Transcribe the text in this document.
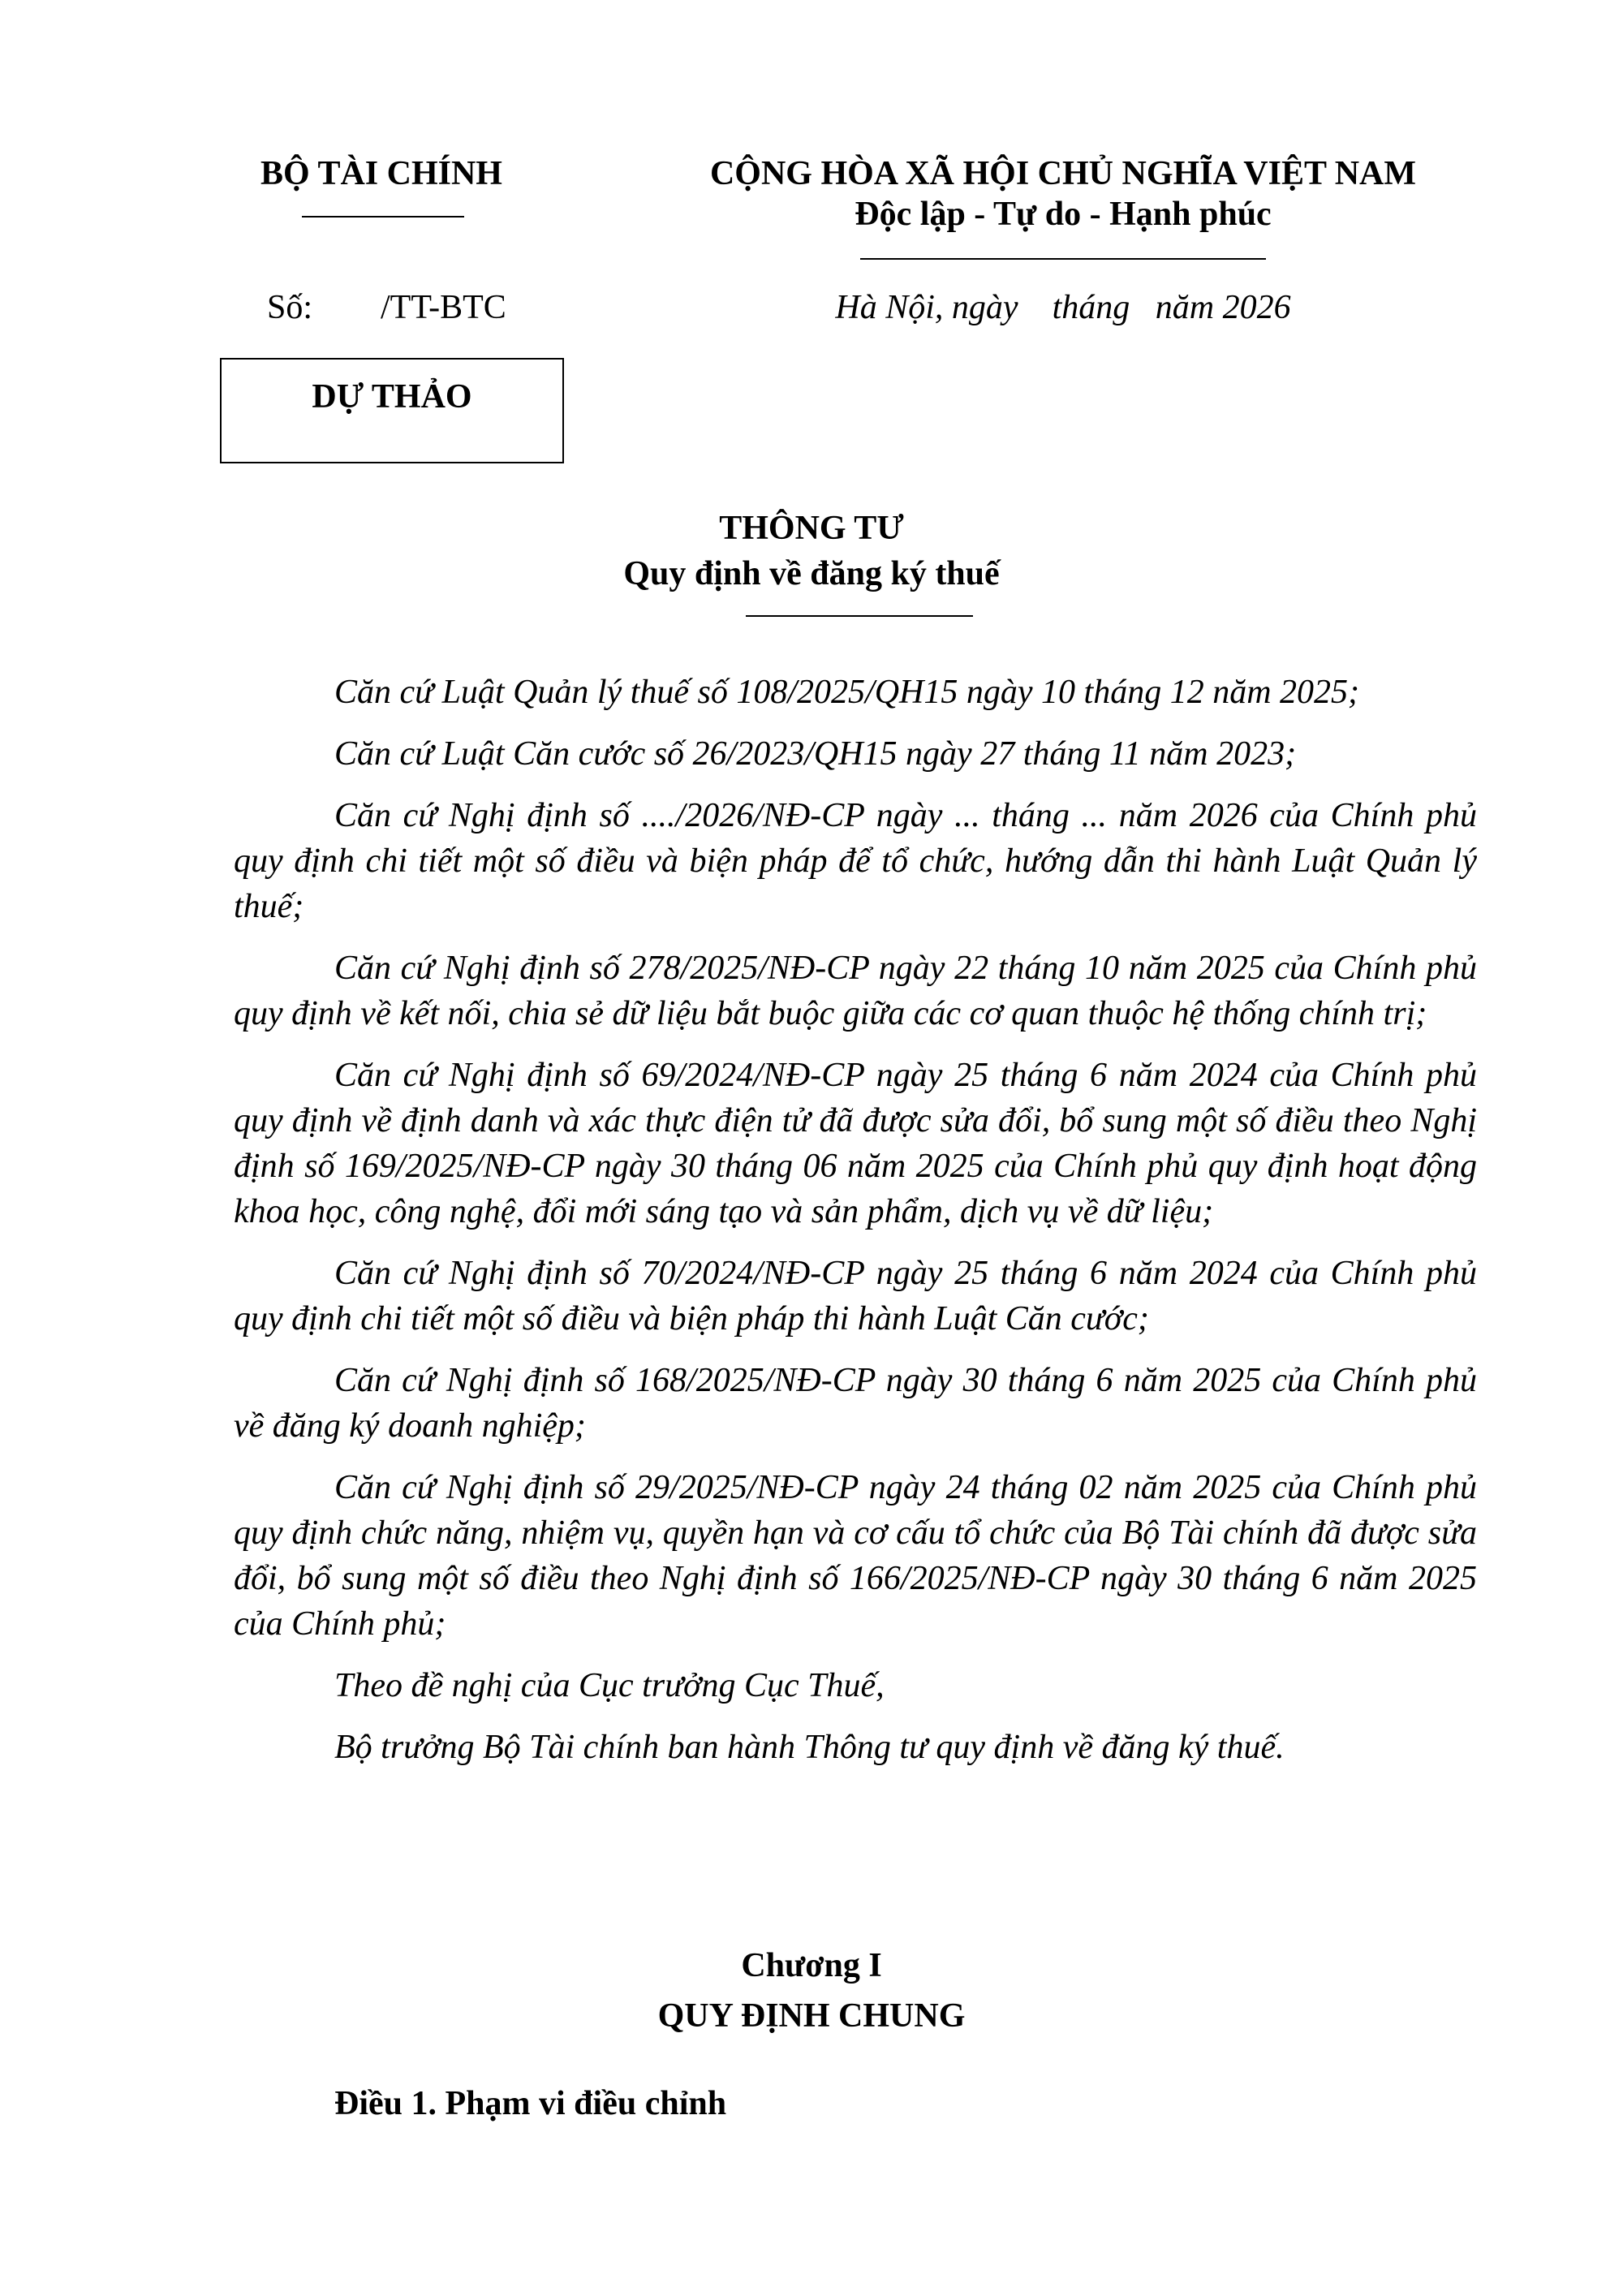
BỘ TÀI CHÍNH	CỘNG HÒA XÃ HỘI CHỦ NGHĨA VIỆT NAM
Độc lập - Tự do - Hạnh phúc
Số: /TT-BTC	Hà Nội, ngày    tháng   năm 2026
DỰ THẢO
THÔNG TƯ
Quy định về đăng ký thuế

Căn cứ Luật Quản lý thuế số 108/2025/QH15 ngày 10 tháng 12 năm 2025;

Căn cứ Luật Căn cước số 26/2023/QH15 ngày 27 tháng 11 năm 2023;

Căn cứ Nghị định số ..../2026/NĐ-CP ngày ... tháng ... năm 2026 của Chính phủ quy định chi tiết một số điều và biện pháp để tổ chức, hướng dẫn thi hành Luật Quản lý thuế;

Căn cứ Nghị định số 278/2025/NĐ-CP ngày 22 tháng 10 năm 2025 của Chính phủ quy định về kết nối, chia sẻ dữ liệu bắt buộc giữa các cơ quan thuộc hệ thống chính trị;

Căn cứ Nghị định số 69/2024/NĐ-CP ngày 25 tháng 6 năm 2024 của Chính phủ quy định về định danh và xác thực điện tử đã được sửa đổi, bổ sung một số điều theo Nghị định số 169/2025/NĐ-CP ngày 30 tháng 06 năm 2025 của Chính phủ quy định hoạt động khoa học, công nghệ, đổi mới sáng tạo và sản phẩm, dịch vụ về dữ liệu;

Căn cứ Nghị định số 70/2024/NĐ-CP ngày 25 tháng 6 năm 2024 của Chính phủ quy định chi tiết một số điều và biện pháp thi hành Luật Căn cước;

Căn cứ Nghị định số 168/2025/NĐ-CP ngày 30 tháng 6 năm 2025 của Chính phủ về đăng ký doanh nghiệp;

Căn cứ Nghị định số 29/2025/NĐ-CP ngày 24 tháng 02 năm 2025 của Chính phủ quy định chức năng, nhiệm vụ, quyền hạn và cơ cấu tổ chức của Bộ Tài chính đã được sửa đổi, bổ sung một số điều theo Nghị định số 166/2025/NĐ-CP ngày 30 tháng 6 năm 2025 của Chính phủ;

Theo đề nghị của Cục trưởng Cục Thuế,

Bộ trưởng Bộ Tài chính ban hành Thông tư quy định về đăng ký thuế.

Chương I
QUY ĐỊNH CHUNG
Điều 1. Phạm vi điều chỉnh
